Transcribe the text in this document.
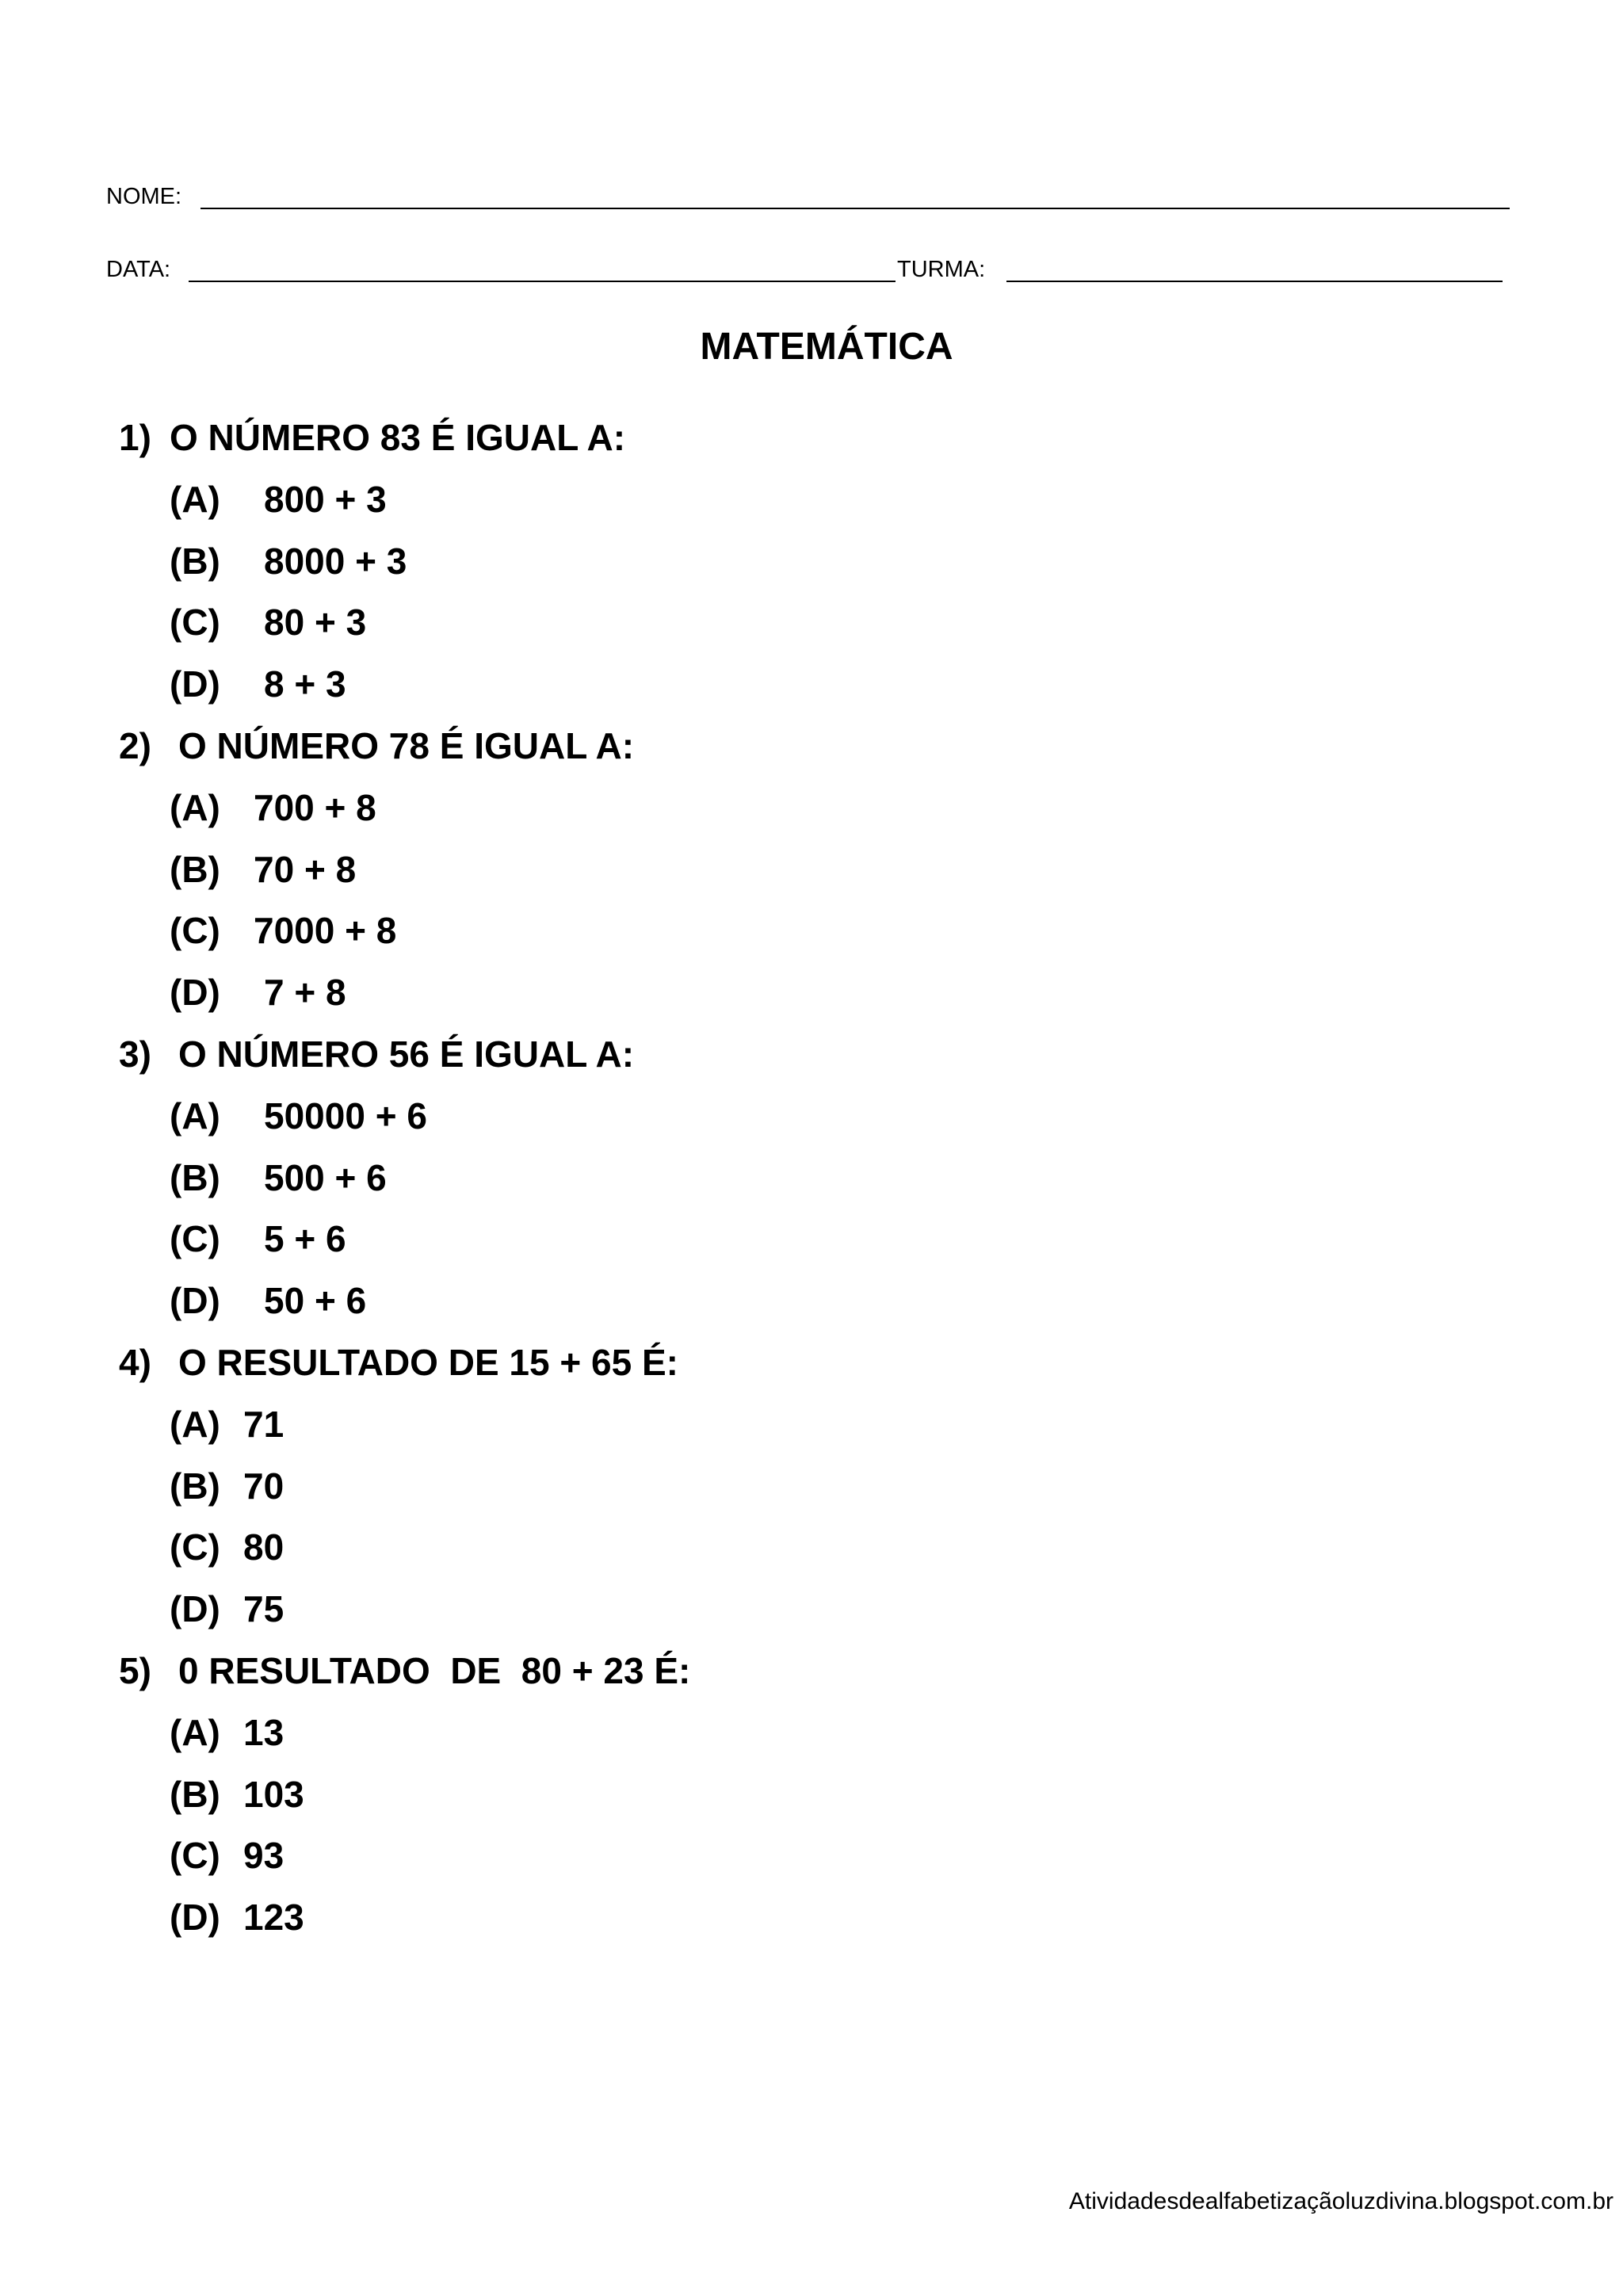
NOME:
DATA:	TURMA:
MATEMÁTICA

1)

O NÚMERO 83 É IGUAL A:

(A)

800 + 3

(B)

8000 + 3

(C)

80 + 3

(D)

8 + 3

2)

O NÚMERO 78 É IGUAL A:

(A)

700 + 8

(B)

70 + 8

(C)

7000 + 8

(D)

7 + 8

3)

O NÚMERO 56 É IGUAL A:

(A)

50000 + 6

(B)

500 + 6

(C)

5 + 6

(D)

50 + 6

4)

O RESULTADO DE 15 + 65 É:

(A)

71

(B)

70

(C)

80

(D)

75

5)

0 RESULTADO  DE  80 + 23 É:

(A)

13

(B)

103

(C)

93

(D)

123

Atividadesdealfabetizaçãoluzdivina.blogspot.com.br
